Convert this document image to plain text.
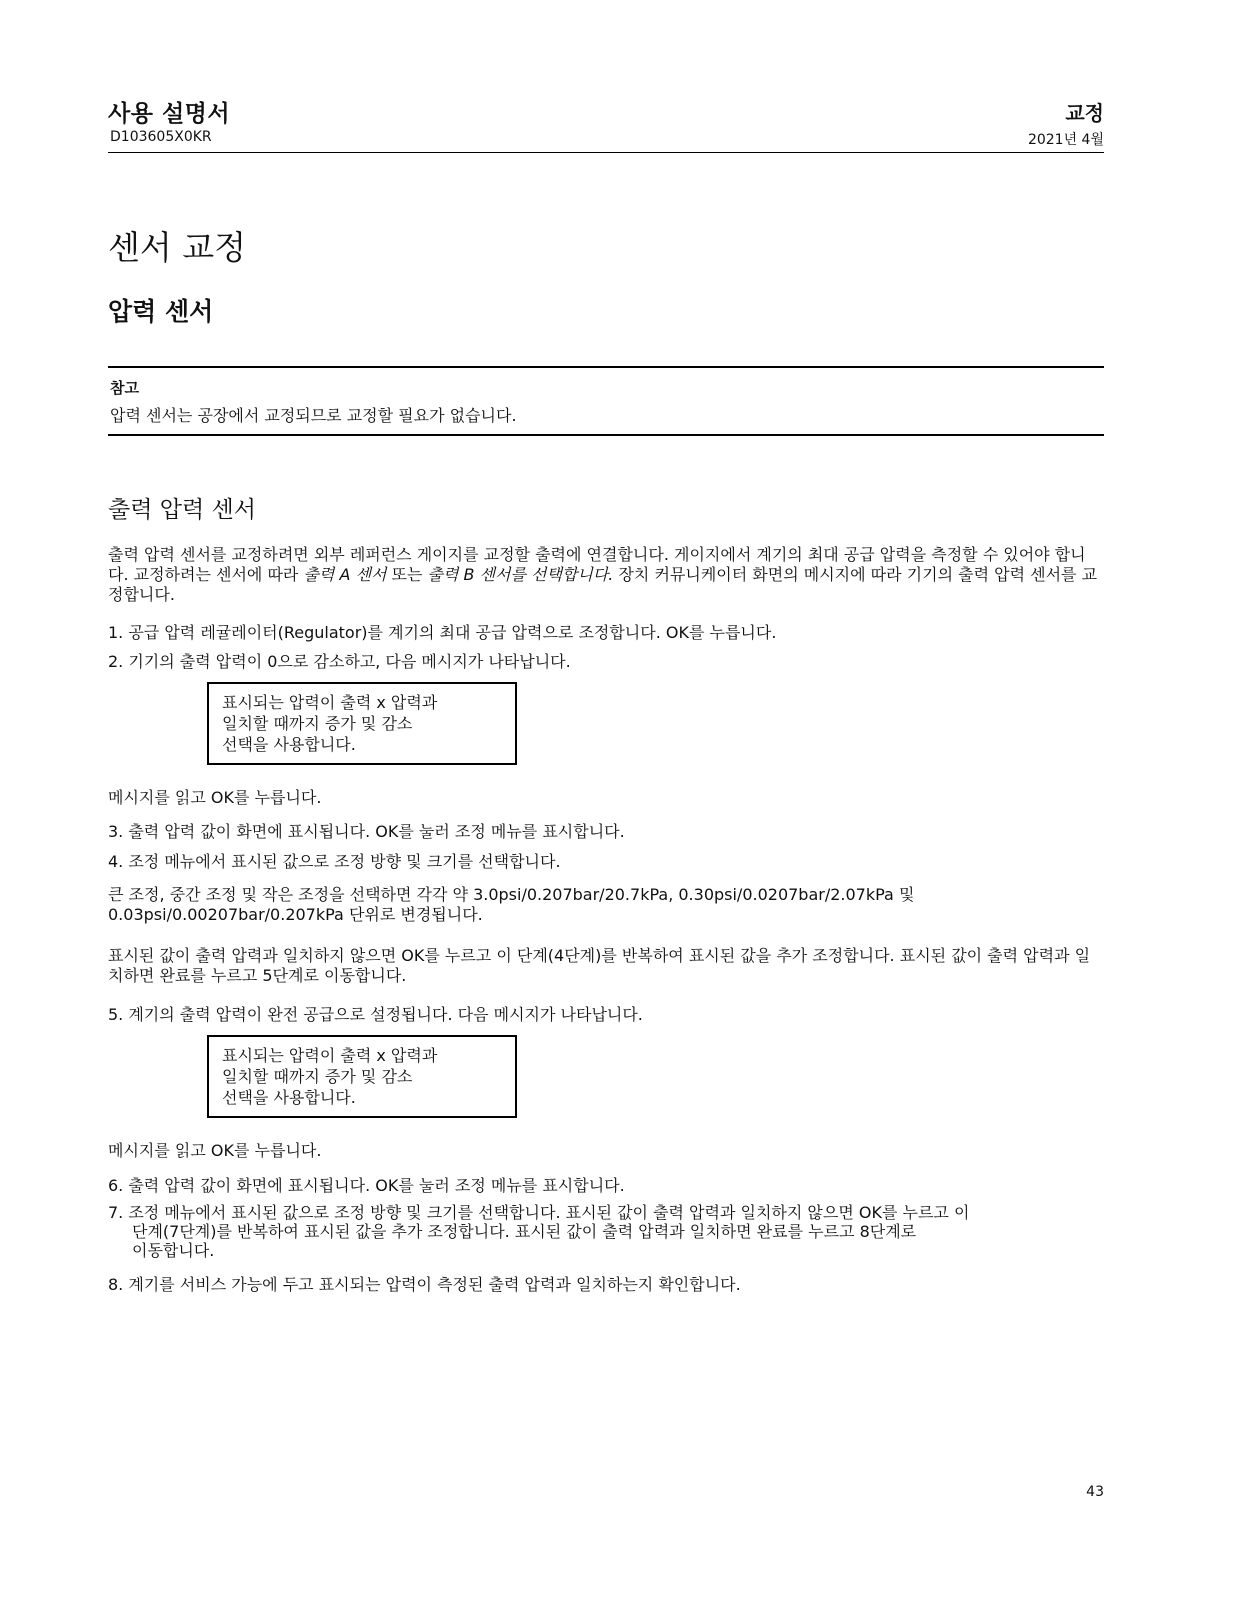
사용 설명서
D103605X0KR
교정
2021년 4월
센서 교정
압력 센서
참고
압력 센서는 공장에서 교정되므로 교정할 필요가 없습니다.
출력 압력 센서
출력 압력 센서를 교정하려면 외부 레퍼런스 게이지를 교정할 출력에 연결합니다. 게이지에서 계기의 최대 공급 압력을 측정할 수 있어야 합니다. 교정하려는 센서에 따라 출력 A 센서 또는 출력 B 센서를 선택합니다. 장치 커뮤니케이터 화면의 메시지에 따라 기기의 출력 압력 센서를 교정합니다.
1. 공급 압력 레귤레이터(Regulator)를 계기의 최대 공급 압력으로 조정합니다. OK를 누릅니다.
2. 기기의 출력 압력이 0으로 감소하고, 다음 메시지가 나타납니다.
표시되는 압력이 출력 x 압력과
일치할 때까지 증가 및 감소
선택을 사용합니다.
메시지를 읽고 OK를 누릅니다.
3. 출력 압력 값이 화면에 표시됩니다. OK를 눌러 조정 메뉴를 표시합니다.
4. 조정 메뉴에서 표시된 값으로 조정 방향 및 크기를 선택합니다.
큰 조정, 중간 조정 및 작은 조정을 선택하면 각각 약 3.0psi/0.207bar/20.7kPa, 0.30psi/0.0207bar/2.07kPa 및 0.03psi/0.00207bar/0.207kPa 단위로 변경됩니다.
표시된 값이 출력 압력과 일치하지 않으면 OK를 누르고 이 단계(4단계)를 반복하여 표시된 값을 추가 조정합니다. 표시된 값이 출력 압력과 일치하면 완료를 누르고 5단계로 이동합니다.
5. 계기의 출력 압력이 완전 공급으로 설정됩니다. 다음 메시지가 나타납니다.
표시되는 압력이 출력 x 압력과
일치할 때까지 증가 및 감소
선택을 사용합니다.
메시지를 읽고 OK를 누릅니다.
6. 출력 압력 값이 화면에 표시됩니다. OK를 눌러 조정 메뉴를 표시합니다.
7. 조정 메뉴에서 표시된 값으로 조정 방향 및 크기를 선택합니다. 표시된 값이 출력 압력과 일치하지 않으면 OK를 누르고 이
단계(7단계)를 반복하여 표시된 값을 추가 조정합니다. 표시된 값이 출력 압력과 일치하면 완료를 누르고 8단계로
이동합니다.
8. 계기를 서비스 가능에 두고 표시되는 압력이 측정된 출력 압력과 일치하는지 확인합니다.
43
